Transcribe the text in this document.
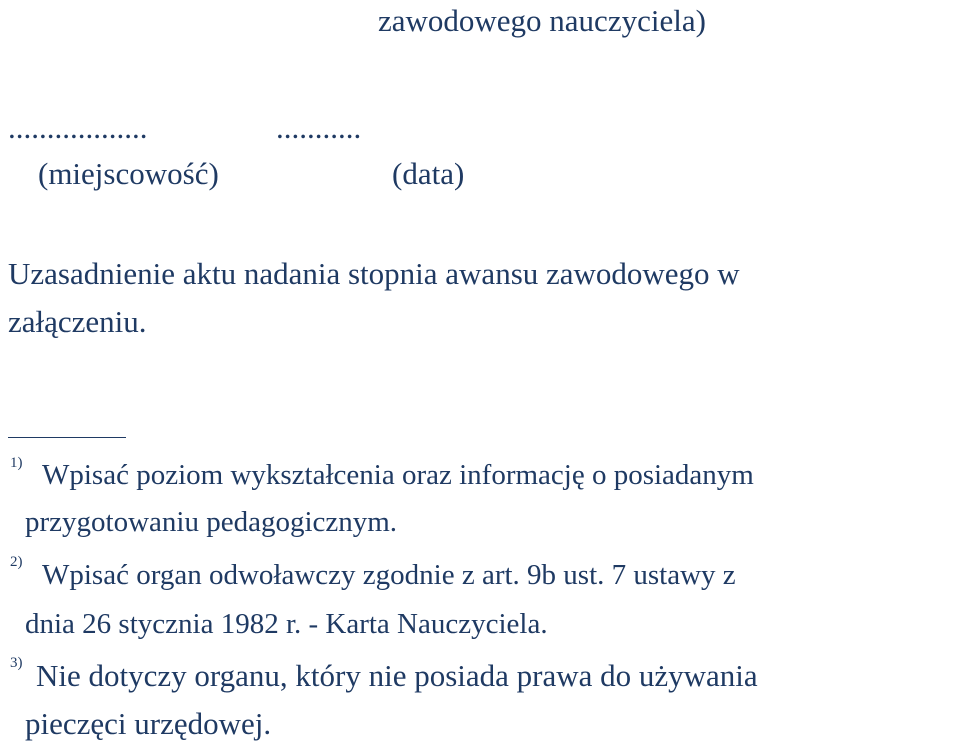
zawodowego nauczyciela)
..................	...........
(miejscowość)	(data)
Uzasadnienie aktu nadania stopnia awansu zawodowego w
załączeniu.
1) Wpisać poziom wykształcenia oraz informację o posiadanym
przygotowaniu pedagogicznym.
2) Wpisać organ odwoławczy zgodnie z art. 9b ust. 7 ustawy z
dnia 26 stycznia 1982 r. - Karta Nauczyciela.
3) Nie dotyczy organu, który nie posiada prawa do używania
pieczęci urzędowej.
